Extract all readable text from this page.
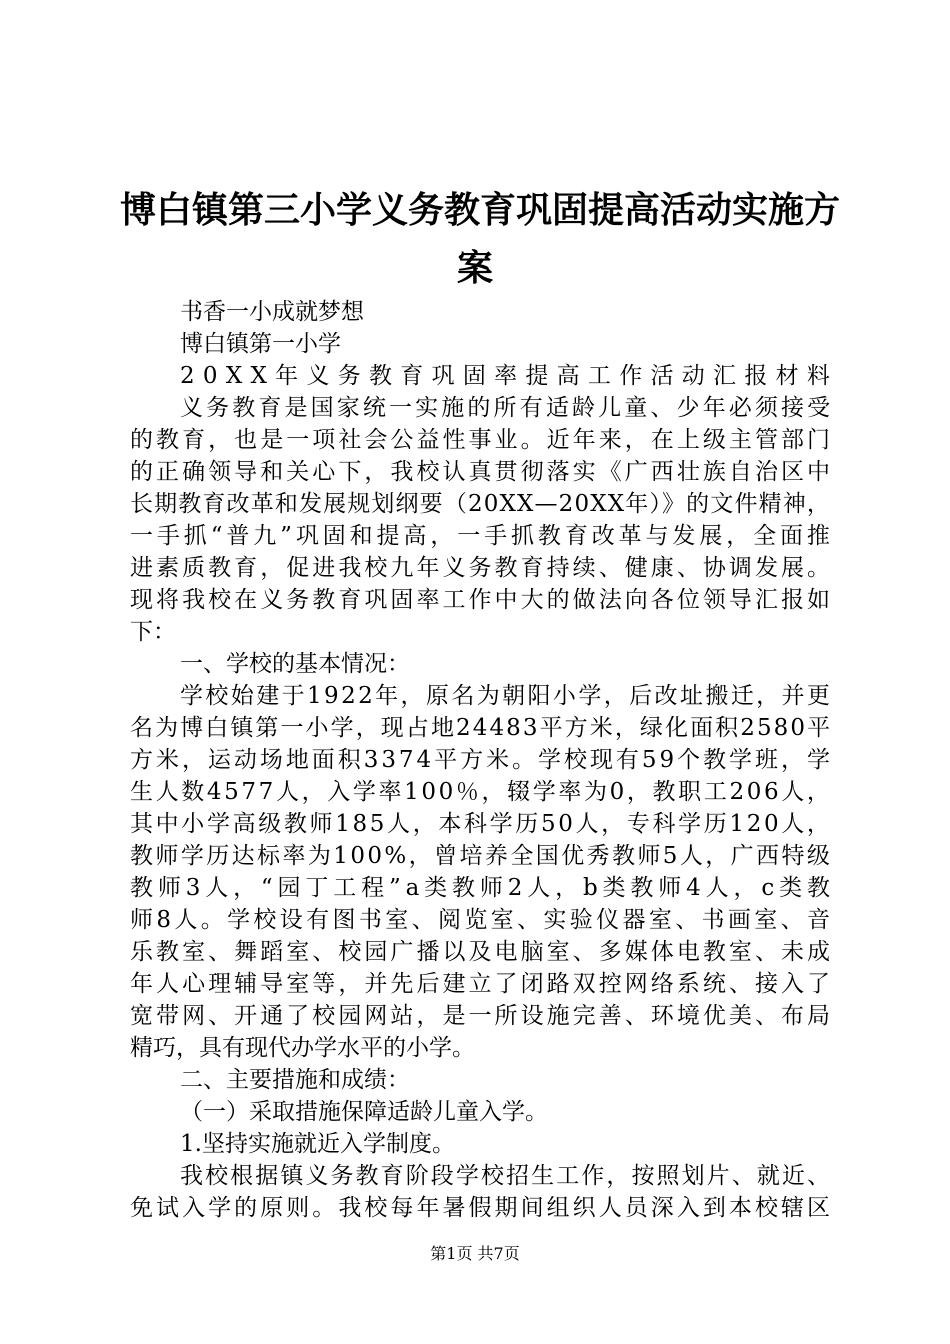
博白镇第三小学义务教育巩固提高活动实施方
案
书香一小成就梦想
博白镇第一小学
20XX年义务教育巩固率提高工作活动汇报材料
义务教育是国家统一实施的所有适龄儿童、少年必须接受
的教育，也是一项社会公益性事业。近年来，在上级主管部门
的正确领导和关心下，我校认真贯彻落实《广西壮族自治区中
长期教育改革和发展规划纲要（20XX—20XX年）》的文件精神，
一手抓“普九”巩固和提高，一手抓教育改革与发展，全面推
进素质教育，促进我校九年义务教育持续、健康、协调发展。
现将我校在义务教育巩固率工作中大的做法向各位领导汇报如
下：
一、学校的基本情况：
学校始建于1922年，原名为朝阳小学，后改址搬迁，并更
名为博白镇第一小学，现占地24483平方米，绿化面积2580平
方米，运动场地面积3374平方米。学校现有59个教学班，学
生人数4577人，入学率100％，辍学率为0，教职工206人，
其中小学高级教师185人，本科学历50人，专科学历120人，
教师学历达标率为100%，曾培养全国优秀教师5人，广西特级
教师3人，“园丁工程”a类教师2人，b类教师4人，c类教
师8人。学校设有图书室、阅览室、实验仪器室、书画室、音
乐教室、舞蹈室、校园广播以及电脑室、多媒体电教室、未成
年人心理辅导室等，并先后建立了闭路双控网络系统、接入了
宽带网、开通了校园网站，是一所设施完善、环境优美、布局
精巧，具有现代办学水平的小学。
二、主要措施和成绩：
（一）采取措施保障适龄儿童入学。
1.坚持实施就近入学制度。
我校根据镇义务教育阶段学校招生工作，按照划片、就近、
免试入学的原则。我校每年暑假期间组织人员深入到本校辖区
第1页 共7页
